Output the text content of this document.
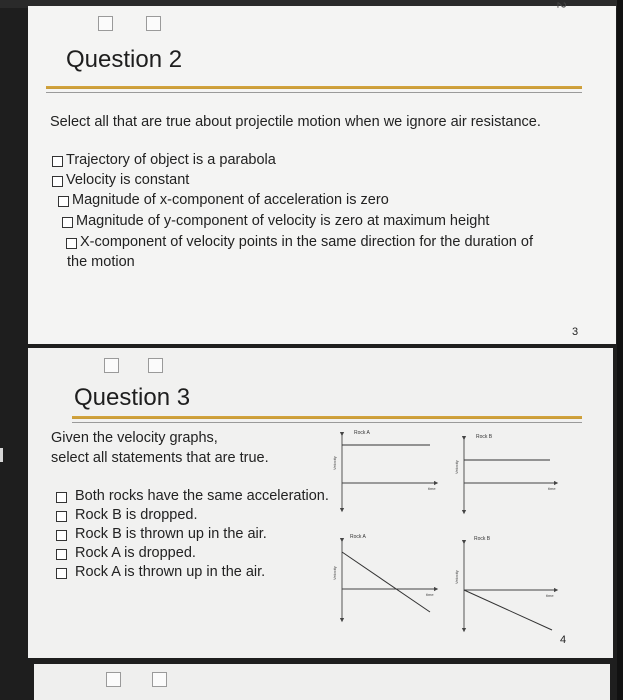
2
Question 2
Select all that are true about projectile motion when we ignore air resistance.
Trajectory of object is a parabola
Velocity is constant
Magnitude of x-component of acceleration is zero
Magnitude of y-component of velocity is zero at maximum height
X-component of velocity points in the same direction for the duration of
the motion
3
Question 3
Given the velocity graphs,
select all statements that are true.
Both rocks have the same acceleration.
Rock B is dropped.
Rock B is thrown up in the air.
Rock A is dropped.
Rock A is thrown up in the air.
Rock A
Velocity
time
Rock B
Velocity
time
Rock A
Velocity
time
Rock B
Velocity
time
4
